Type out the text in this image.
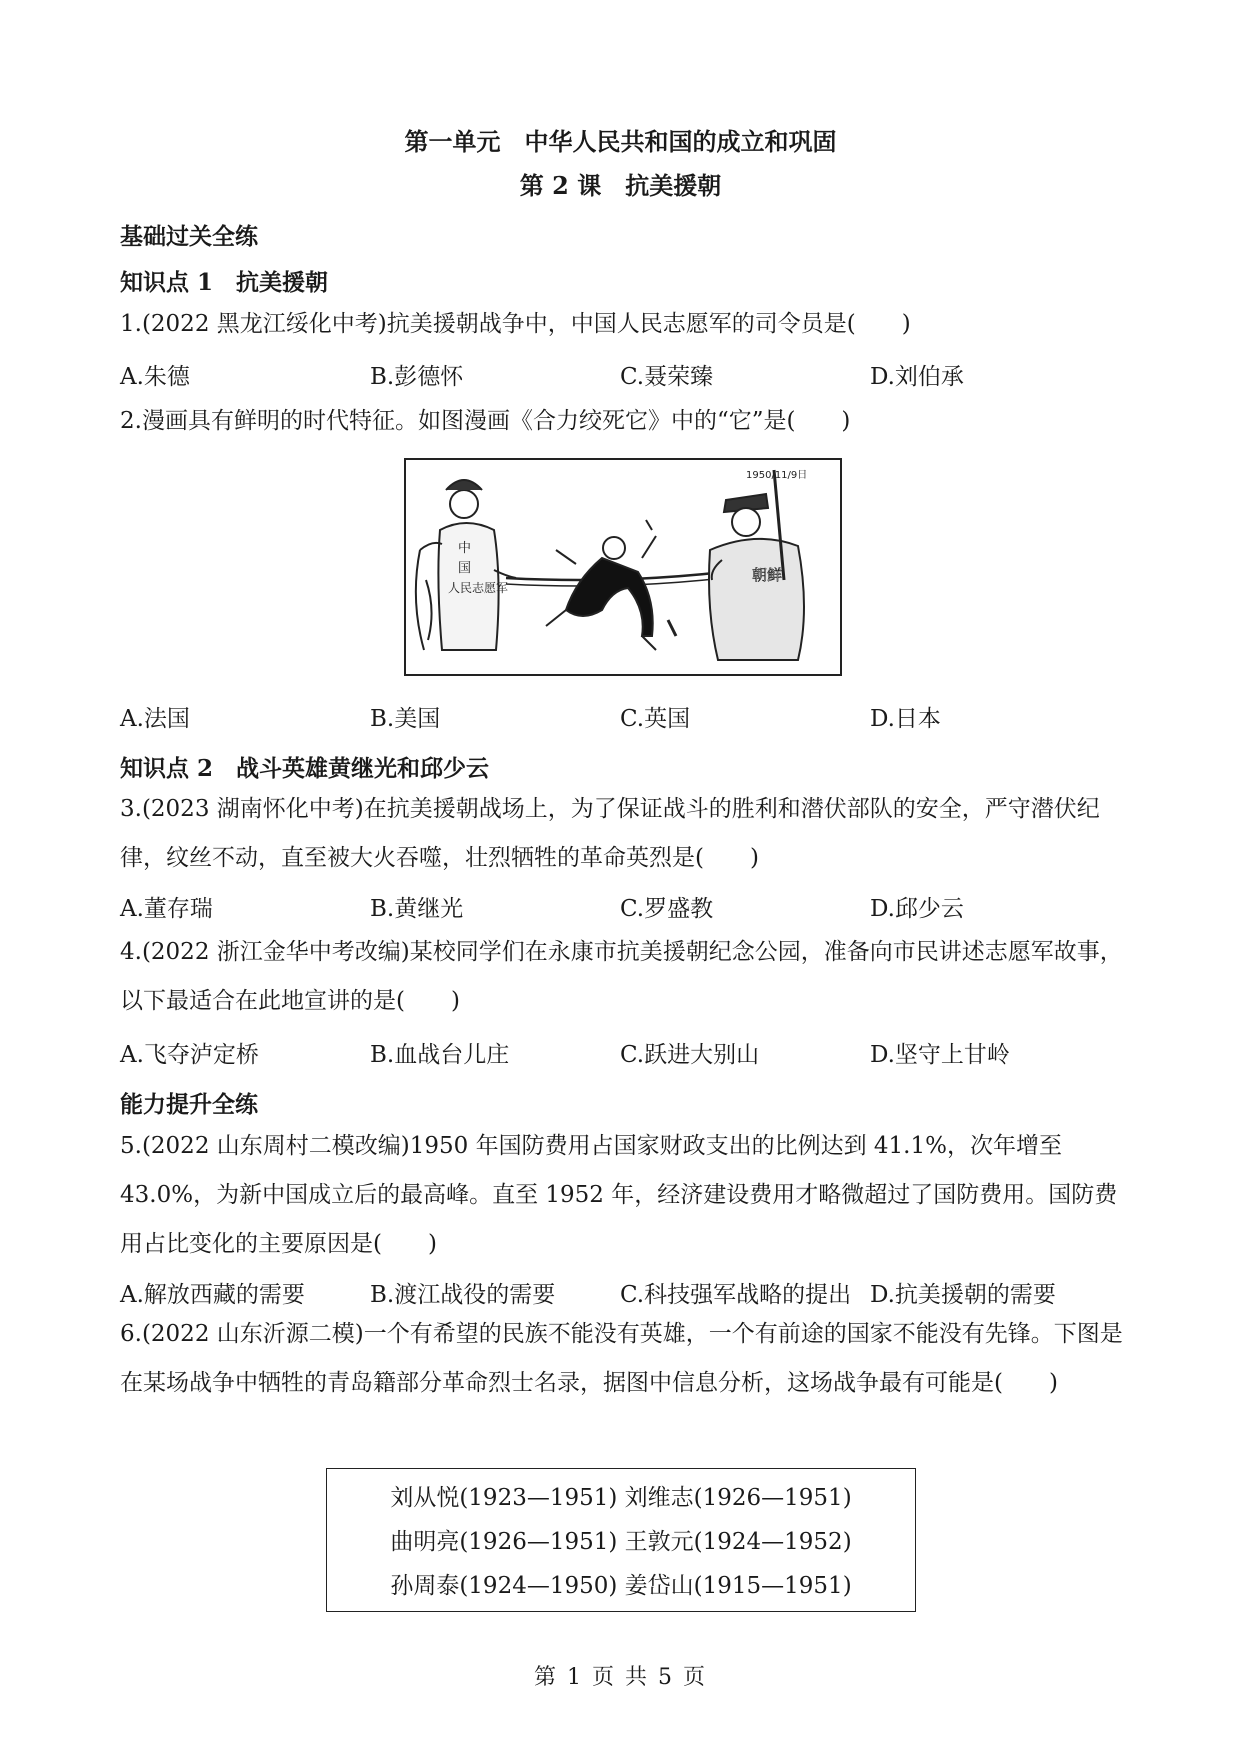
第一单元　中华人民共和国的成立和巩固
第 2 课　抗美援朝
基础过关全练
知识点 1　抗美援朝
1.(2022 黑龙江绥化中考)抗美援朝战争中，中国人民志愿军的司令员是(　　)
A.朱德	B.彭德怀	C.聂荣臻	D.刘伯承
2.漫画具有鲜明的时代特征。如图漫画《合力绞死它》中的“它”是(　　)
1950/11/9日
中
国
人民志愿军
朝鲜
A.法国	B.美国	C.英国	D.日本
知识点 2　战斗英雄黄继光和邱少云
3.(2023 湖南怀化中考)在抗美援朝战场上，为了保证战斗的胜利和潜伏部队的安全，严守潜伏纪律，纹丝不动，直至被大火吞噬，壮烈牺牲的革命英烈是(　　)
A.董存瑞	B.黄继光	C.罗盛教	D.邱少云
4.(2022 浙江金华中考改编)某校同学们在永康市抗美援朝纪念公园，准备向市民讲述志愿军故事，以下最适合在此地宣讲的是(　　)
A.飞夺泸定桥	B.血战台儿庄	C.跃进大别山	D.坚守上甘岭
能力提升全练
5.(2022 山东周村二模改编)1950 年国防费用占国家财政支出的比例达到 41.1%，次年增至 43.0%，为新中国成立后的最高峰。直至 1952 年，经济建设费用才略微超过了国防费用。国防费用占比变化的主要原因是(　　)
A.解放西藏的需要	B.渡江战役的需要	C.科技强军战略的提出 D.抗美援朝的需要
6.(2022 山东沂源二模)一个有希望的民族不能没有英雄，一个有前途的国家不能没有先锋。下图是在某场战争中牺牲的青岛籍部分革命烈士名录，据图中信息分析，这场战争最有可能是(　　)
刘从悦(1923—1951) 刘维志(1926—1951)
曲明亮(1926—1951) 王敦元(1924—1952)
孙周泰(1924—1950) 姜岱山(1915—1951)
第 1 页 共 5 页
